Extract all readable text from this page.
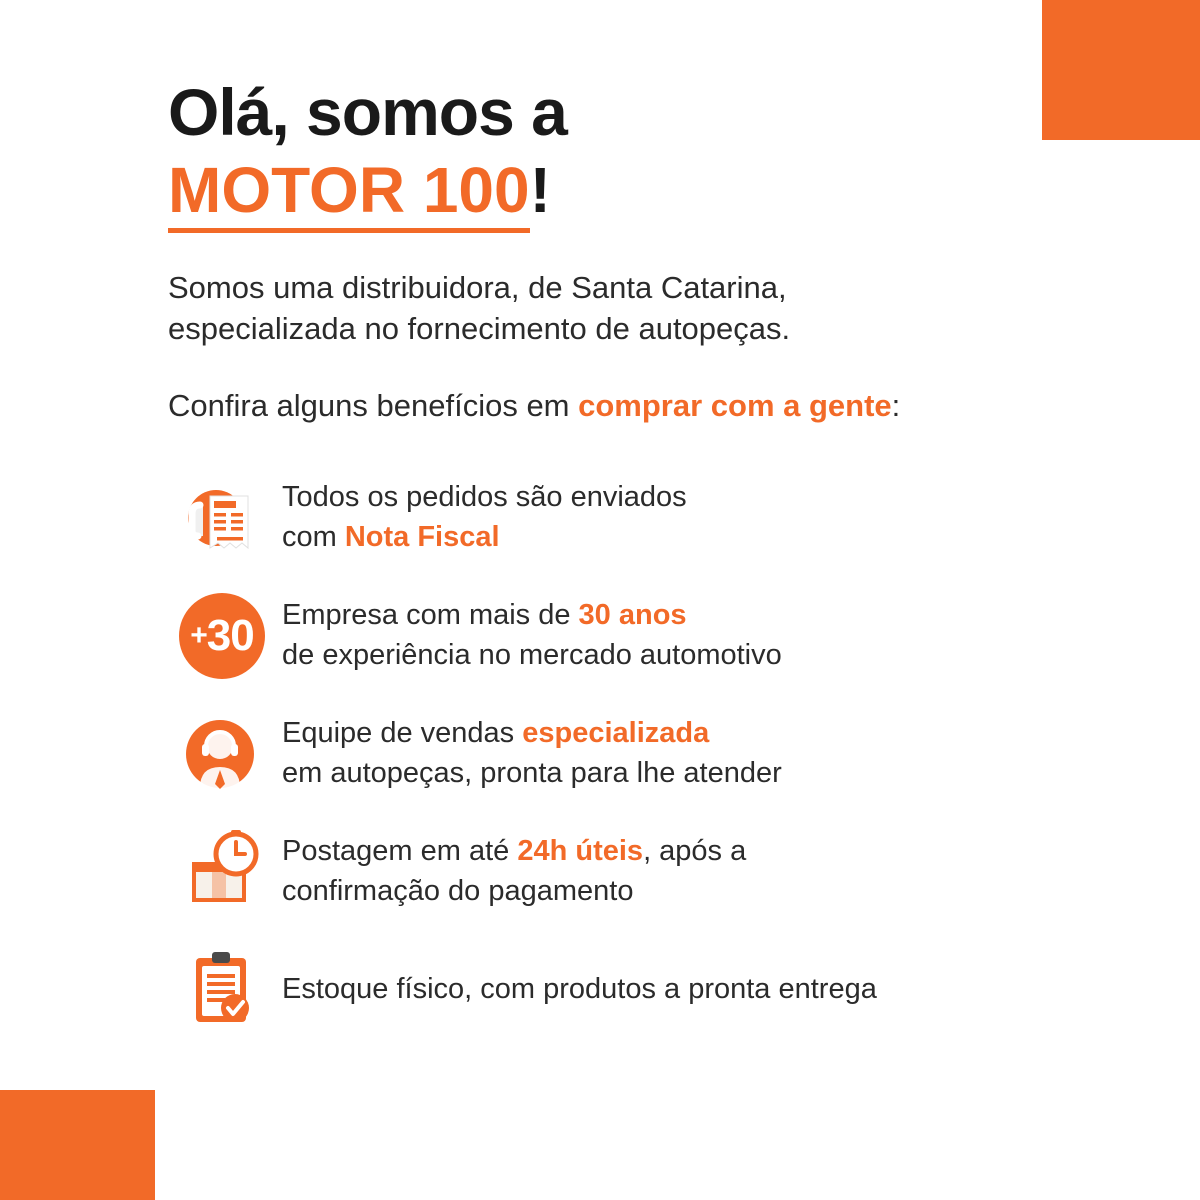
Olá, somos a
MOTOR 100!
Somos uma distribuidora, de Santa Catarina,
especializada no fornecimento de autopeças.
Confira alguns benefícios em comprar com a gente:
Todos os pedidos são enviados
com Nota Fiscal
+ 30 Empresa com mais de 30 anos
de experiência no mercado automotivo
Equipe de vendas especializada
em autopeças, pronta para lhe atender
Postagem em até 24h úteis, após a
confirmação do pagamento
Estoque físico, com produtos a pronta entrega
